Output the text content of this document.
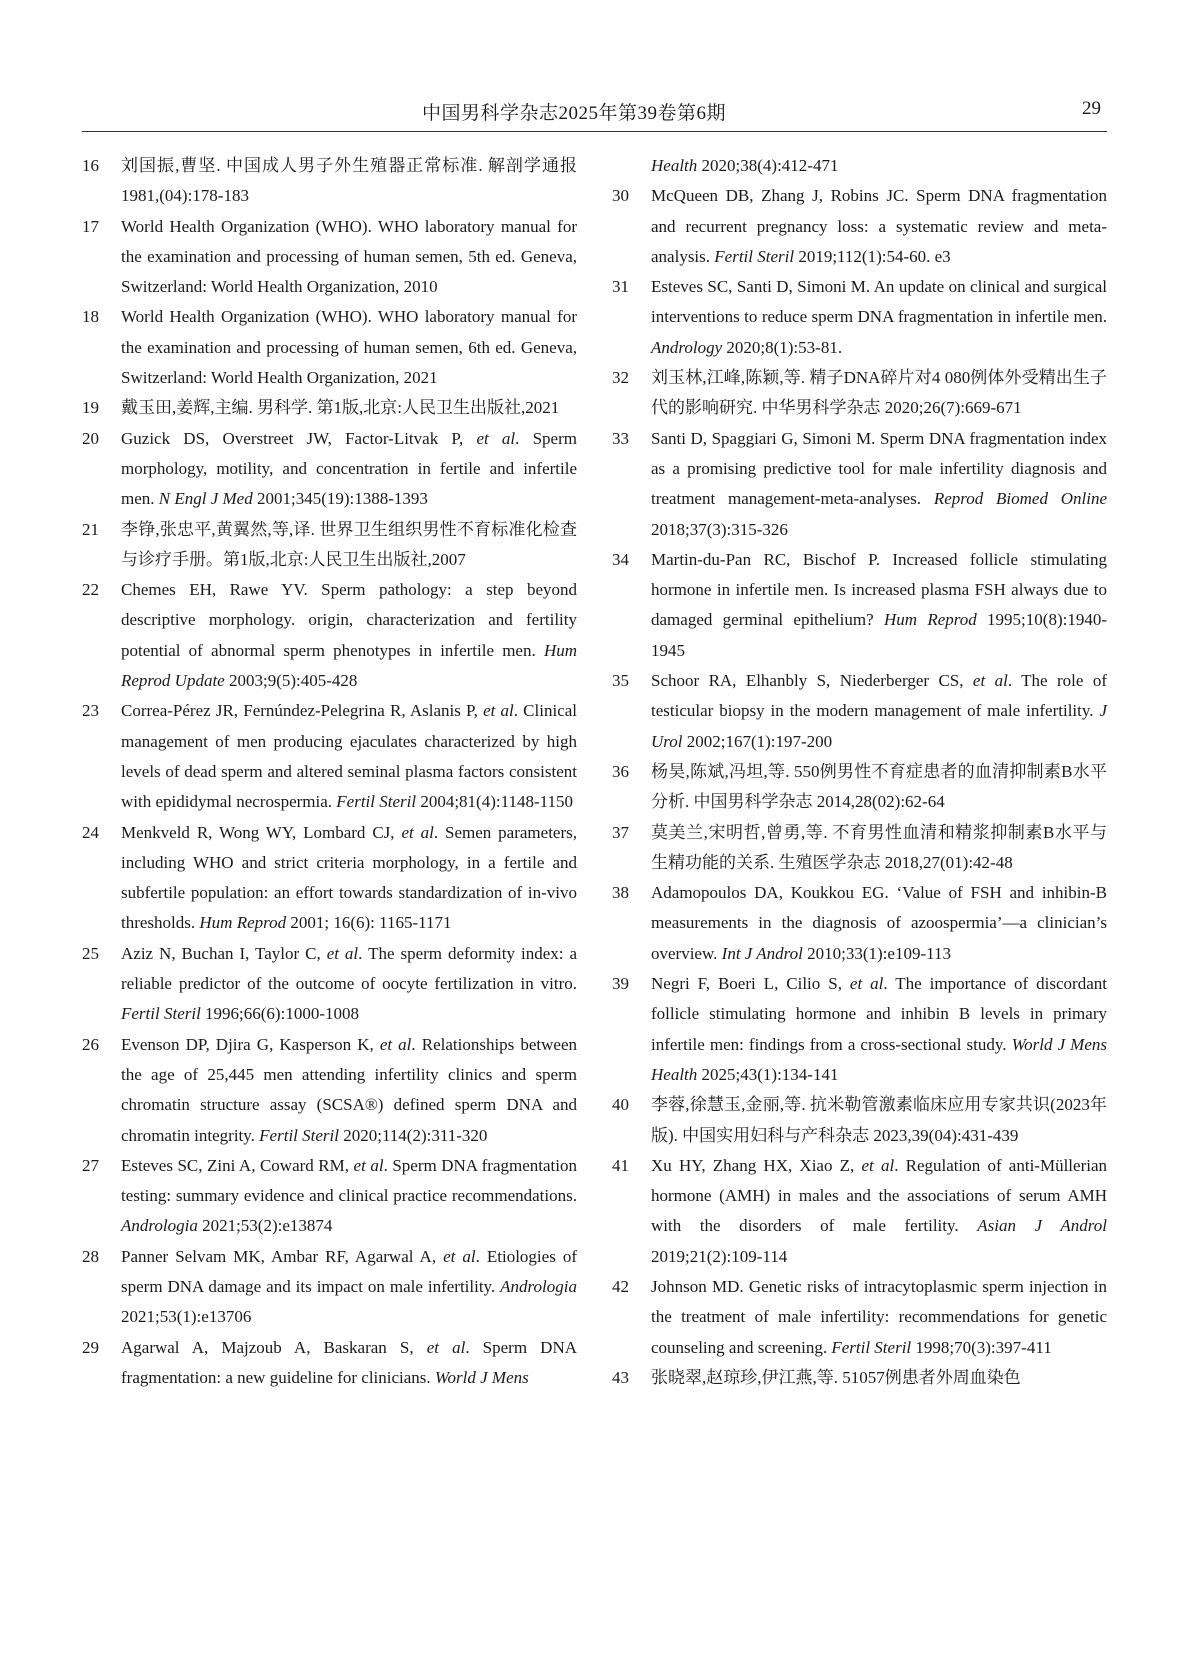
中国男科学杂志2025年第39卷第6期	29
16	刘国振,曹坚. 中国成人男子外生殖器正常标准. 解剖学通报 1981,(04):178-183
17	World Health Organization (WHO). WHO laboratory manual for the examination and processing of human semen, 5th ed. Geneva, Switzerland: World Health Organization, 2010
18	World Health Organization (WHO). WHO laboratory manual for the examination and processing of human semen, 6th ed. Geneva, Switzerland: World Health Organization, 2021
19	戴玉田,姜辉,主编. 男科学. 第1版,北京:人民卫生出版社,2021
20	Guzick DS, Overstreet JW, Factor-Litvak P, et al. Sperm morphology, motility, and concentration in fertile and infertile men. N Engl J Med 2001;345(19):1388-1393
21	李铮,张忠平,黄翼然,等,译. 世界卫生组织男性不育标准化检查与诊疗手册。第1版,北京:人民卫生出版社,2007
22	Chemes EH, Rawe YV. Sperm pathology: a step beyond descriptive morphology. origin, characterization and fertility potential of abnormal sperm phenotypes in infertile men. Hum Reprod Update 2003;9(5):405-428
23	Correa-Pérez JR, Fernúndez-Pelegrina R, Aslanis P, et al. Clinical management of men producing ejaculates characterized by high levels of dead sperm and altered seminal plasma factors consistent with epididymal necrospermia. Fertil Steril 2004;81(4):1148-1150
24	Menkveld R, Wong WY, Lombard CJ, et al. Semen parameters, including WHO and strict criteria morphology, in a fertile and subfertile population: an effort towards standardization of in-vivo thresholds. Hum Reprod 2001; 16(6): 1165-1171
25	Aziz N, Buchan I, Taylor C, et al. The sperm deformity index: a reliable predictor of the outcome of oocyte fertilization in vitro. Fertil Steril 1996;66(6):1000-1008
26	Evenson DP, Djira G, Kasperson K, et al. Relationships between the age of 25,445 men attending infertility clinics and sperm chromatin structure assay (SCSA®) defined sperm DNA and chromatin integrity. Fertil Steril 2020;114(2):311-320
27	Esteves SC, Zini A, Coward RM, et al. Sperm DNA fragmentation testing: summary evidence and clinical practice recommendations. Andrologia 2021;53(2):e13874
28	Panner Selvam MK, Ambar RF, Agarwal A, et al. Etiologies of sperm DNA damage and its impact on male infertility. Andrologia 2021;53(1):e13706
29	Agarwal A, Majzoub A, Baskaran S, et al. Sperm DNA fragmentation: a new guideline for clinicians. World J Mens
Health 2020;38(4):412-471
30	McQueen DB, Zhang J, Robins JC. Sperm DNA fragmentation and recurrent pregnancy loss: a systematic review and meta-analysis. Fertil Steril 2019;112(1):54-60. e3
31	Esteves SC, Santi D, Simoni M. An update on clinical and surgical interventions to reduce sperm DNA fragmentation in infertile men. Andrology 2020;8(1):53-81.
32	刘玉林,江峰,陈颖,等. 精子DNA碎片对4 080例体外受精出生子代的影响研究. 中华男科学杂志 2020;26(7):669-671
33	Santi D, Spaggiari G, Simoni M. Sperm DNA fragmentation index as a promising predictive tool for male infertility diagnosis and treatment management-meta-analyses. Reprod Biomed Online 2018;37(3):315-326
34	Martin-du-Pan RC, Bischof P. Increased follicle stimulating hormone in infertile men. Is increased plasma FSH always due to damaged germinal epithelium? Hum Reprod 1995;10(8):1940-1945
35	Schoor RA, Elhanbly S, Niederberger CS, et al. The role of testicular biopsy in the modern management of male infertility. J Urol 2002;167(1):197-200
36	杨昊,陈斌,冯坦,等. 550例男性不育症患者的血清抑制素B水平分析. 中国男科学杂志 2014,28(02):62-64
37	莫美兰,宋明哲,曾勇,等. 不育男性血清和精浆抑制素B水平与生精功能的关系. 生殖医学杂志 2018,27(01):42-48
38	Adamopoulos DA, Koukkou EG. ‘Value of FSH and inhibin-B measurements in the diagnosis of azoospermia’—a clinician’s overview. Int J Androl 2010;33(1):e109-113
39	Negri F, Boeri L, Cilio S, et al. The importance of discordant follicle stimulating hormone and inhibin B levels in primary infertile men: findings from a cross-sectional study. World J Mens Health 2025;43(1):134-141
40	李蓉,徐慧玉,金丽,等. 抗米勒管激素临床应用专家共识(2023年版). 中国实用妇科与产科杂志 2023,39(04):431-439
41	Xu HY, Zhang HX, Xiao Z, et al. Regulation of anti-Müllerian hormone (AMH) in males and the associations of serum AMH with the disorders of male fertility. Asian J Androl 2019;21(2):109-114
42	Johnson MD. Genetic risks of intracytoplasmic sperm injection in the treatment of male infertility: recommendations for genetic counseling and screening. Fertil Steril 1998;70(3):397-411
43	张晓翠,赵琼珍,伊江燕,等. 51057例患者外周血染色
